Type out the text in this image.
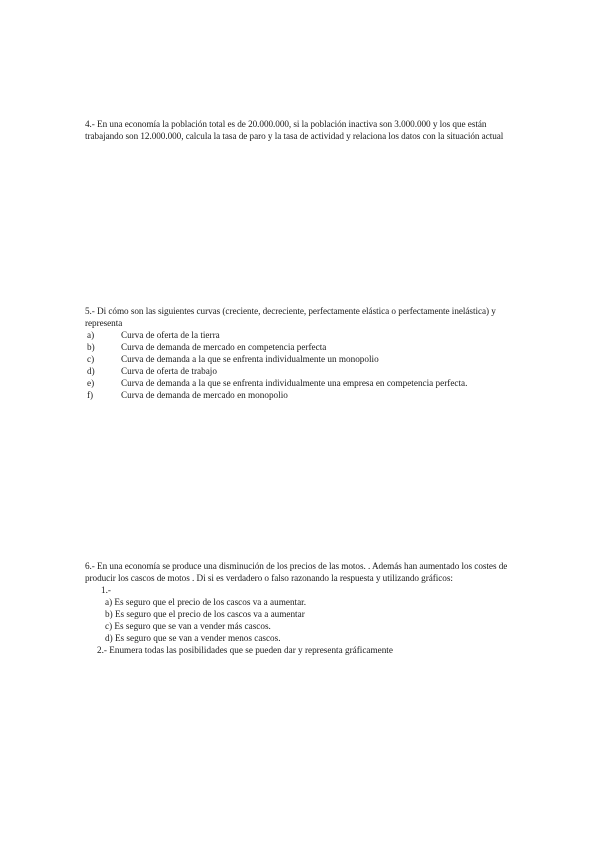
4.- En una economía la población total es de 20.000.000, si la población inactiva son 3.000.000 y los que están trabajando son 12.000.000, calcula la tasa de paro y la tasa de actividad y relaciona los datos con la situación actual

5.- Di cómo son las siguientes curvas (creciente, decreciente, perfectamente elástica o perfectamente inelástica) y representa

a)	Curva de oferta de la tierra
b)	Curva de demanda de mercado en competencia perfecta
c)	Curva de demanda a la que se enfrenta individualmente un monopolio
d)	Curva de oferta de trabajo
e)	Curva de demanda a la que se enfrenta individualmente una empresa en competencia perfecta.
f)	Curva de demanda de mercado en monopolio

6.- En una economía se produce una disminución de los precios de las motos. . Además han aumentado los costes de producir los cascos de motos . Di si es verdadero o falso razonando la respuesta y utilizando gráficos:

1.-
a) Es seguro que el precio de los cascos va a aumentar.
b) Es seguro que el precio de los cascos va a aumentar
c) Es seguro que se van a vender más cascos.
d) Es seguro que se van a vender menos cascos.
2.- Enumera todas las posibilidades que se pueden dar y representa gráficamente
